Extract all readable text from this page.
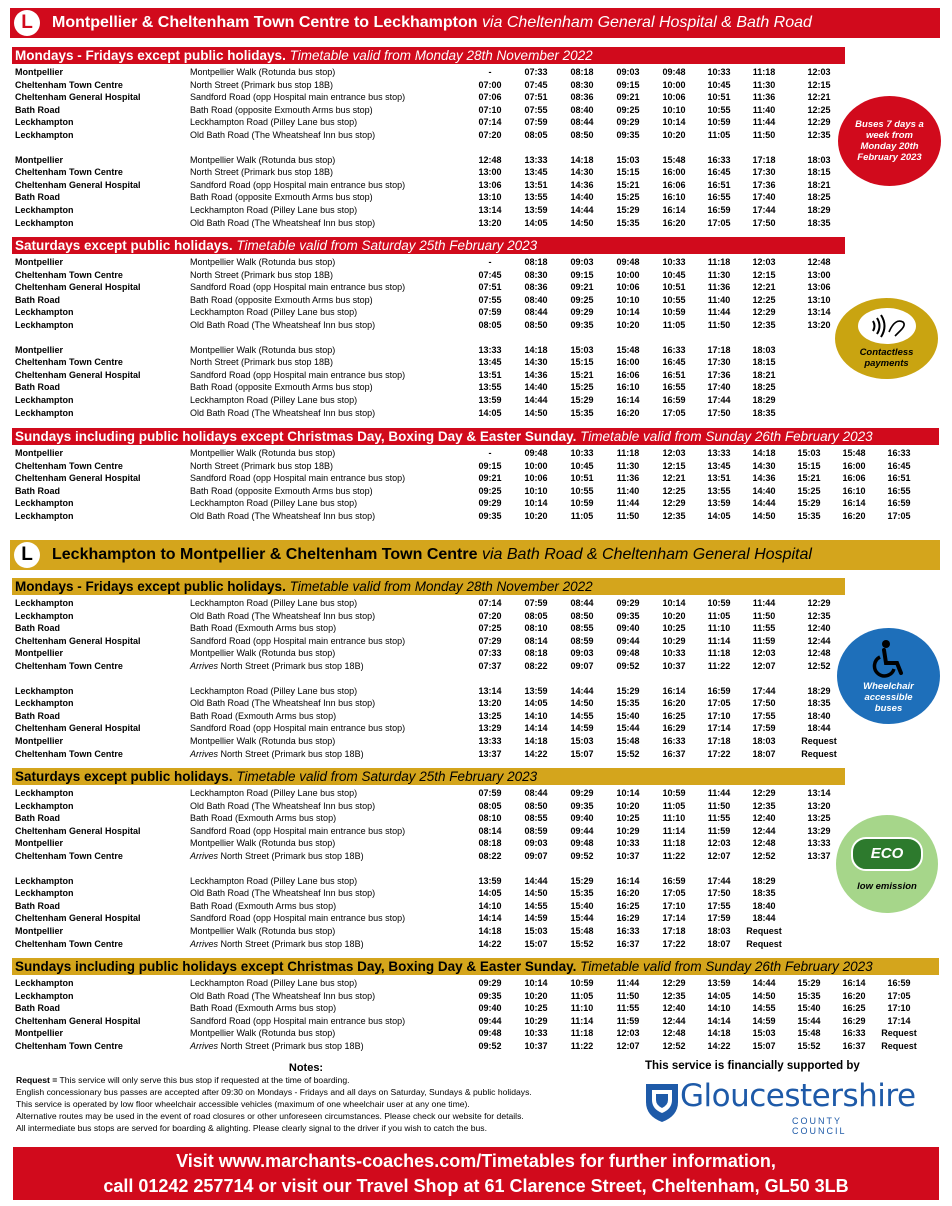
L	Montpellier & Cheltenham Town Centre to Leckhampton via Cheltenham General Hospital & Bath Road
Mondays - Fridays except public holidays. Timetable valid from Monday 28th November 2022
Montpellier	Montpellier Walk (Rotunda bus stop)	-	07:33	08:18	09:03	09:48	10:33	11:18	12:03
Cheltenham Town Centre	North Street (Primark bus stop 18B)	07:00	07:45	08:30	09:15	10:00	10:45	11:30	12:15
Cheltenham General Hospital	Sandford Road (opp Hospital main entrance bus stop)	07:06	07:51	08:36	09:21	10:06	10:51	11:36	12:21
Bath Road	Bath Road (opposite Exmouth Arms bus stop)	07:10	07:55	08:40	09:25	10:10	10:55	11:40	12:25
Leckhampton	Leckhampton Road (Pilley Lane bus stop)	07:14	07:59	08:44	09:29	10:14	10:59	11:44	12:29
Leckhampton	Old Bath Road (The Wheatsheaf Inn bus stop)	07:20	08:05	08:50	09:35	10:20	11:05	11:50	12:35
Montpellier	Montpellier Walk (Rotunda bus stop)	12:48	13:33	14:18	15:03	15:48	16:33	17:18	18:03
Cheltenham Town Centre	North Street (Primark bus stop 18B)	13:00	13:45	14:30	15:15	16:00	16:45	17:30	18:15
Cheltenham General Hospital	Sandford Road (opp Hospital main entrance bus stop)	13:06	13:51	14:36	15:21	16:06	16:51	17:36	18:21
Bath Road	Bath Road (opposite Exmouth Arms bus stop)	13:10	13:55	14:40	15:25	16:10	16:55	17:40	18:25
Leckhampton	Leckhampton Road (Pilley Lane bus stop)	13:14	13:59	14:44	15:29	16:14	16:59	17:44	18:29
Leckhampton	Old Bath Road (The Wheatsheaf Inn bus stop)	13:20	14:05	14:50	15:35	16:20	17:05	17:50	18:35
Saturdays except public holidays. Timetable valid from Saturday 25th February 2023
Montpellier	Montpellier Walk (Rotunda bus stop)	-	08:18	09:03	09:48	10:33	11:18	12:03	12:48
Cheltenham Town Centre	North Street (Primark bus stop 18B)	07:45	08:30	09:15	10:00	10:45	11:30	12:15	13:00
Cheltenham General Hospital	Sandford Road (opp Hospital main entrance bus stop)	07:51	08:36	09:21	10:06	10:51	11:36	12:21	13:06
Bath Road	Bath Road (opposite Exmouth Arms bus stop)	07:55	08:40	09:25	10:10	10:55	11:40	12:25	13:10
Leckhampton	Leckhampton Road (Pilley Lane bus stop)	07:59	08:44	09:29	10:14	10:59	11:44	12:29	13:14
Leckhampton	Old Bath Road (The Wheatsheaf Inn bus stop)	08:05	08:50	09:35	10:20	11:05	11:50	12:35	13:20
Montpellier	Montpellier Walk (Rotunda bus stop)	13:33	14:18	15:03	15:48	16:33	17:18	18:03
Cheltenham Town Centre	North Street (Primark bus stop 18B)	13:45	14:30	15:15	16:00	16:45	17:30	18:15
Cheltenham General Hospital	Sandford Road (opp Hospital main entrance bus stop)	13:51	14:36	15:21	16:06	16:51	17:36	18:21
Bath Road	Bath Road (opposite Exmouth Arms bus stop)	13:55	14:40	15:25	16:10	16:55	17:40	18:25
Leckhampton	Leckhampton Road (Pilley Lane bus stop)	13:59	14:44	15:29	16:14	16:59	17:44	18:29
Leckhampton	Old Bath Road (The Wheatsheaf Inn bus stop)	14:05	14:50	15:35	16:20	17:05	17:50	18:35
Sundays including public holidays except Christmas Day, Boxing Day & Easter Sunday. Timetable valid from Sunday 26th February 2023
Montpellier	Montpellier Walk (Rotunda bus stop)	-	09:48	10:33	11:18	12:03	13:33	14:18	15:03	15:48	16:33
Cheltenham Town Centre	North Street (Primark bus stop 18B)	09:15	10:00	10:45	11:30	12:15	13:45	14:30	15:15	16:00	16:45
Cheltenham General Hospital	Sandford Road (opp Hospital main entrance bus stop)	09:21	10:06	10:51	11:36	12:21	13:51	14:36	15:21	16:06	16:51
Bath Road	Bath Road (opposite Exmouth Arms bus stop)	09:25	10:10	10:55	11:40	12:25	13:55	14:40	15:25	16:10	16:55
Leckhampton	Leckhampton Road (Pilley Lane bus stop)	09:29	10:14	10:59	11:44	12:29	13:59	14:44	15:29	16:14	16:59
Leckhampton	Old Bath Road (The Wheatsheaf Inn bus stop)	09:35	10:20	11:05	11:50	12:35	14:05	14:50	15:35	16:20	17:05
L	Leckhampton to Montpellier & Cheltenham Town Centre via Bath Road & Cheltenham General Hospital
Mondays - Fridays except public holidays. Timetable valid from Monday 28th November 2022
Leckhampton	Leckhampton Road (Pilley Lane bus stop)	07:14	07:59	08:44	09:29	10:14	10:59	11:44	12:29
Leckhampton	Old Bath Road (The Wheatsheaf Inn bus stop)	07:20	08:05	08:50	09:35	10:20	11:05	11:50	12:35
Bath Road	Bath Road (Exmouth Arms bus stop)	07:25	08:10	08:55	09:40	10:25	11:10	11:55	12:40
Cheltenham General Hospital	Sandford Road (opp Hospital main entrance bus stop)	07:29	08:14	08:59	09:44	10:29	11:14	11:59	12:44
Montpellier	Montpellier Walk (Rotunda bus stop)	07:33	08:18	09:03	09:48	10:33	11:18	12:03	12:48
Cheltenham Town Centre	Arrives North Street (Primark bus stop 18B)	07:37	08:22	09:07	09:52	10:37	11:22	12:07	12:52
Leckhampton	Leckhampton Road (Pilley Lane bus stop)	13:14	13:59	14:44	15:29	16:14	16:59	17:44	18:29
Leckhampton	Old Bath Road (The Wheatsheaf Inn bus stop)	13:20	14:05	14:50	15:35	16:20	17:05	17:50	18:35
Bath Road	Bath Road (Exmouth Arms bus stop)	13:25	14:10	14:55	15:40	16:25	17:10	17:55	18:40
Cheltenham General Hospital	Sandford Road (opp Hospital main entrance bus stop)	13:29	14:14	14:59	15:44	16:29	17:14	17:59	18:44
Montpellier	Montpellier Walk (Rotunda bus stop)	13:33	14:18	15:03	15:48	16:33	17:18	18:03	Request
Cheltenham Town Centre	Arrives North Street (Primark bus stop 18B)	13:37	14:22	15:07	15:52	16:37	17:22	18:07	Request
Saturdays except public holidays. Timetable valid from Saturday 25th February 2023
Leckhampton	Leckhampton Road (Pilley Lane bus stop)	07:59	08:44	09:29	10:14	10:59	11:44	12:29	13:14
Leckhampton	Old Bath Road (The Wheatsheaf Inn bus stop)	08:05	08:50	09:35	10:20	11:05	11:50	12:35	13:20
Bath Road	Bath Road (Exmouth Arms bus stop)	08:10	08:55	09:40	10:25	11:10	11:55	12:40	13:25
Cheltenham General Hospital	Sandford Road (opp Hospital main entrance bus stop)	08:14	08:59	09:44	10:29	11:14	11:59	12:44	13:29
Montpellier	Montpellier Walk (Rotunda bus stop)	08:18	09:03	09:48	10:33	11:18	12:03	12:48	13:33
Cheltenham Town Centre	Arrives North Street (Primark bus stop 18B)	08:22	09:07	09:52	10:37	11:22	12:07	12:52	13:37
Leckhampton	Leckhampton Road (Pilley Lane bus stop)	13:59	14:44	15:29	16:14	16:59	17:44	18:29
Leckhampton	Old Bath Road (The Wheatsheaf Inn bus stop)	14:05	14:50	15:35	16:20	17:05	17:50	18:35
Bath Road	Bath Road (Exmouth Arms bus stop)	14:10	14:55	15:40	16:25	17:10	17:55	18:40
Cheltenham General Hospital	Sandford Road (opp Hospital main entrance bus stop)	14:14	14:59	15:44	16:29	17:14	17:59	18:44
Montpellier	Montpellier Walk (Rotunda bus stop)	14:18	15:03	15:48	16:33	17:18	18:03	Request
Cheltenham Town Centre	Arrives North Street (Primark bus stop 18B)	14:22	15:07	15:52	16:37	17:22	18:07	Request
Sundays including public holidays except Christmas Day, Boxing Day & Easter Sunday. Timetable valid from Sunday 26th February 2023
Leckhampton	Leckhampton Road (Pilley Lane bus stop)	09:29	10:14	10:59	11:44	12:29	13:59	14:44	15:29	16:14	16:59
Leckhampton	Old Bath Road (The Wheatsheaf Inn bus stop)	09:35	10:20	11:05	11:50	12:35	14:05	14:50	15:35	16:20	17:05
Bath Road	Bath Road (Exmouth Arms bus stop)	09:40	10:25	11:10	11:55	12:40	14:10	14:55	15:40	16:25	17:10
Cheltenham General Hospital	Sandford Road (opp Hospital main entrance bus stop)	09:44	10:29	11:14	11:59	12:44	14:14	14:59	15:44	16:29	17:14
Montpellier	Montpellier Walk (Rotunda bus stop)	09:48	10:33	11:18	12:03	12:48	14:18	15:03	15:48	16:33	Request
Cheltenham Town Centre	Arrives North Street (Primark bus stop 18B)	09:52	10:37	11:22	12:07	12:52	14:22	15:07	15:52	16:37	Request
Buses 7 days a week from Monday 20th February 2023
Contactless payments
Wheelchair accessible buses
ECO
low emission
Notes:
Request = This service will only serve this bus stop if requested at the time of boarding.
English concessionary bus passes are accepted after 09:30 on Mondays - Fridays and all days on Saturday, Sundays & public holidays.
This service is operated by low floor wheelchair accessible vehicles (maximum of one wheelchair user at any one time).
Alternative routes may be used in the event of road closures or other unforeseen circumstances. Please check our website for details.
All intermediate bus stops are served for boarding & alighting. Please clearly signal to the driver if you wish to catch the bus.
This service is financially supported by
Gloucestershire
COUNTY COUNCIL
Visit www.marchants-coaches.com/Timetables for further information,
call 01242 257714 or visit our Travel Shop at 61 Clarence Street, Cheltenham, GL50 3LB
